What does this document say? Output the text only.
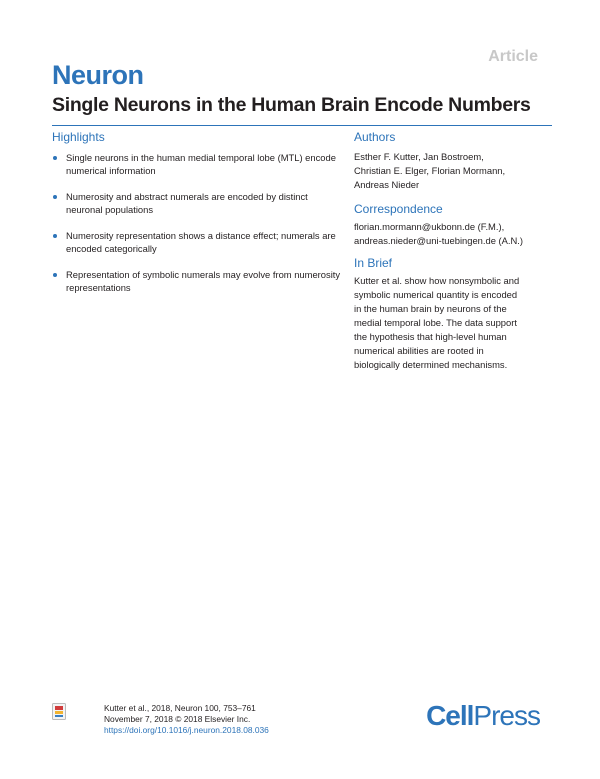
Article
Neuron
Single Neurons in the Human Brain Encode Numbers
Highlights
Single neurons in the human medial temporal lobe (MTL) encode numerical information
Numerosity and abstract numerals are encoded by distinct neuronal populations
Numerosity representation shows a distance effect; numerals are encoded categorically
Representation of symbolic numerals may evolve from numerosity representations
Authors
Esther F. Kutter, Jan Bostroem,
Christian E. Elger, Florian Mormann,
Andreas Nieder
Correspondence
florian.mormann@ukbonn.de (F.M.),
andreas.nieder@uni-tuebingen.de (A.N.)
In Brief
Kutter et al. show how nonsymbolic and
symbolic numerical quantity is encoded
in the human brain by neurons of the
medial temporal lobe. The data support
the hypothesis that high-level human
numerical abilities are rooted in
biologically determined mechanisms.
Kutter et al., 2018, Neuron 100, 753–761
November 7, 2018 © 2018 Elsevier Inc.
https://doi.org/10.1016/j.neuron.2018.08.036	CellPress
